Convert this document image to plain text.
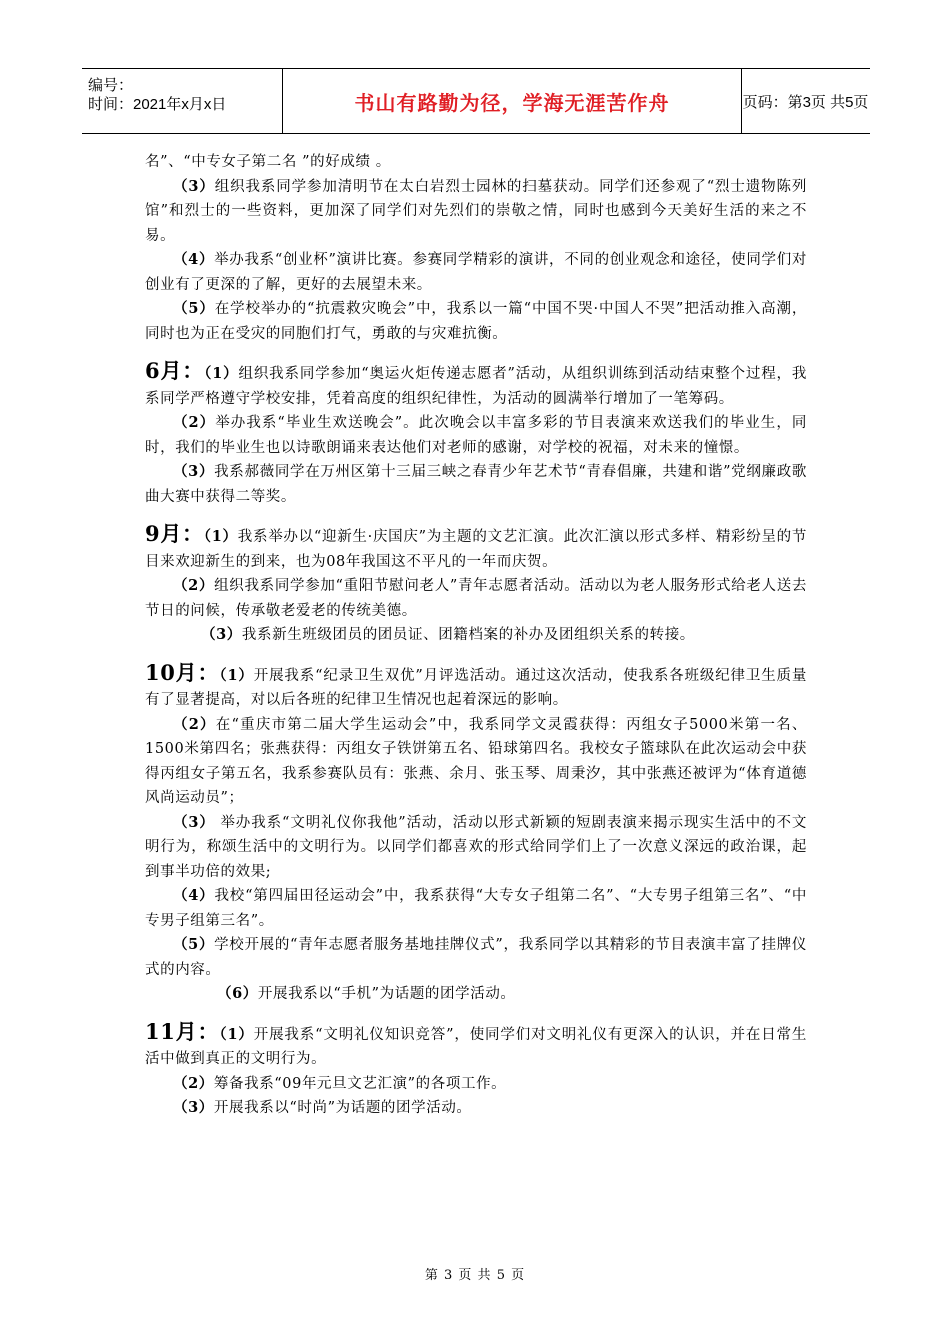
编号：
时间：2021年x月x日	书山有路勤为径，学海无涯苦作舟	页码：第3页 共5页

名”、“中专女子第二名 ”的好成绩 。

（3）组织我系同学参加清明节在太白岩烈士园林的扫墓获动。同学们还参观了“烈士遗物陈列馆”和烈士的一些资料，更加深了同学们对先烈们的崇敬之情，同时也感到今天美好生活的来之不易。

（4）举办我系“创业杯”演讲比赛。参赛同学精彩的演讲，不同的创业观念和途径，使同学们对创业有了更深的了解，更好的去展望未来。

（5）在学校举办的“抗震救灾晚会”中，我系以一篇“中国不哭·中国人不哭”把活动推入高潮，同时也为正在受灾的同胞们打气，勇敢的与灾难抗衡。

6月：（1）组织我系同学参加“奥运火炬传递志愿者”活动，从组织训练到活动结束整个过程，我系同学严格遵守学校安排，凭着高度的组织纪律性，为活动的圆满举行增加了一笔筹码。

（2）举办我系“毕业生欢送晚会”。此次晚会以丰富多彩的节目表演来欢送我们的毕业生，同时，我们的毕业生也以诗歌朗诵来表达他们对老师的感谢，对学校的祝福，对未来的憧憬。

（3）我系郝薇同学在万州区第十三届三峡之春青少年艺术节“青春倡廉，共建和谐”党纲廉政歌曲大赛中获得二等奖。

9月：（1）我系举办以“迎新生·庆国庆”为主题的文艺汇演。此次汇演以形式多样、精彩纷呈的节目来欢迎新生的到来，也为08年我国这不平凡的一年而庆贺。

（2）组织我系同学参加“重阳节慰问老人”青年志愿者活动。活动以为老人服务形式给老人送去节日的问候，传承敬老爱老的传统美德。

（3）我系新生班级团员的团员证、团籍档案的补办及团组织关系的转接。

10月：（1）开展我系“纪录卫生双优”月评选活动。通过这次活动，使我系各班级纪律卫生质量有了显著提高，对以后各班的纪律卫生情况也起着深远的影响。

（2）在“重庆市第二届大学生运动会”中，我系同学文灵霞获得：丙组女子5000米第一名、1500米第四名；张燕获得：丙组女子铁饼第五名、铅球第四名。我校女子篮球队在此次运动会中获得丙组女子第五名，我系参赛队员有：张燕、余月、张玉琴、周秉汐，其中张燕还被评为“体育道德风尚运动员”；

（3） 举办我系“文明礼仪你我他”活动，活动以形式新颖的短剧表演来揭示现实生活中的不文明行为，称颂生活中的文明行为。以同学们都喜欢的形式给同学们上了一次意义深远的政治课，起到事半功倍的效果;

（4）我校“第四届田径运动会”中，我系获得“大专女子组第二名”、“大专男子组第三名”、“中专男子组第三名”。

（5）学校开展的“青年志愿者服务基地挂牌仪式”，我系同学以其精彩的节目表演丰富了挂牌仪式的内容。

（6）开展我系以“手机”为话题的团学活动。

11月：（1）开展我系“文明礼仪知识竞答”，使同学们对文明礼仪有更深入的认识，并在日常生活中做到真正的文明行为。

（2）筹备我系“09年元旦文艺汇演”的各项工作。

（3）开展我系以“时尚”为话题的团学活动。

第 3 页 共 5 页
